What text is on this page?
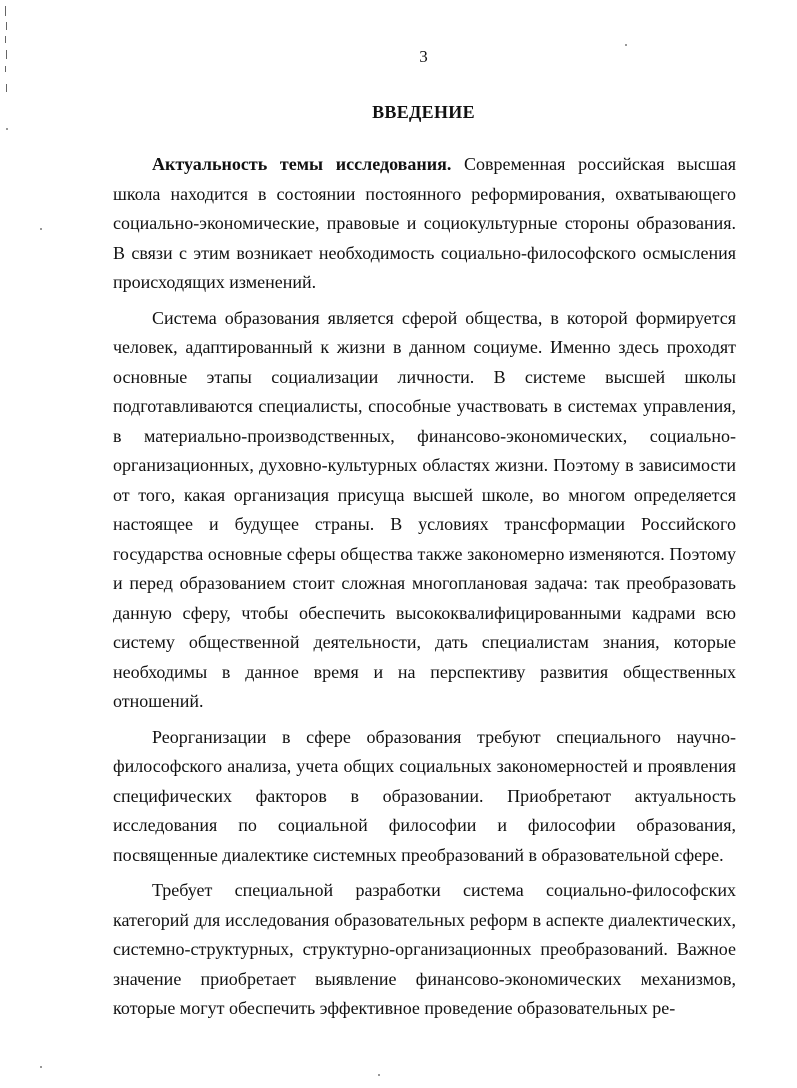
3
ВВЕДЕНИЕ

Актуальность темы исследования. Современная российская высшая школа находится в состоянии постоянного реформирования, охватывающего социально-экономические, правовые и социокультурные стороны образования. В связи с этим возникает необходимость социально-философского осмысления происходящих изменений.

Система образования является сферой общества, в которой формируется человек, адаптированный к жизни в данном социуме. Именно здесь проходят основные этапы социализации личности. В системе высшей школы подготавливаются специалисты, способные участвовать в системах управления, в материально-производственных, финансово-экономических, социально-организационных, духовно-культурных областях жизни. Поэтому в зависимости от того, какая организация присуща высшей школе, во многом определяется настоящее и будущее страны. В условиях трансформации Российского государства основные сферы общества также закономерно изменяются. Поэтому и перед образованием стоит сложная многоплановая задача: так преобразовать данную сферу, чтобы обеспечить высококвалифицированными кадрами всю систему общественной деятельности, дать специалистам знания, которые необходимы в данное время и на перспективу развития общественных отношений.

Реорганизации в сфере образования требуют специального научно-философского анализа, учета общих социальных закономерностей и проявления специфических факторов в образовании. Приобретают актуальность исследования по социальной философии и философии образования, посвященные диалектике системных преобразований в образовательной сфере.

Требует специальной разработки система социально-философских категорий для исследования образовательных реформ в аспекте диалектических, системно-структурных, структурно-организационных преобразований. Важное значение приобретает выявление финансово-экономических механизмов, которые могут обеспечить эффективное проведение образовательных ре-
